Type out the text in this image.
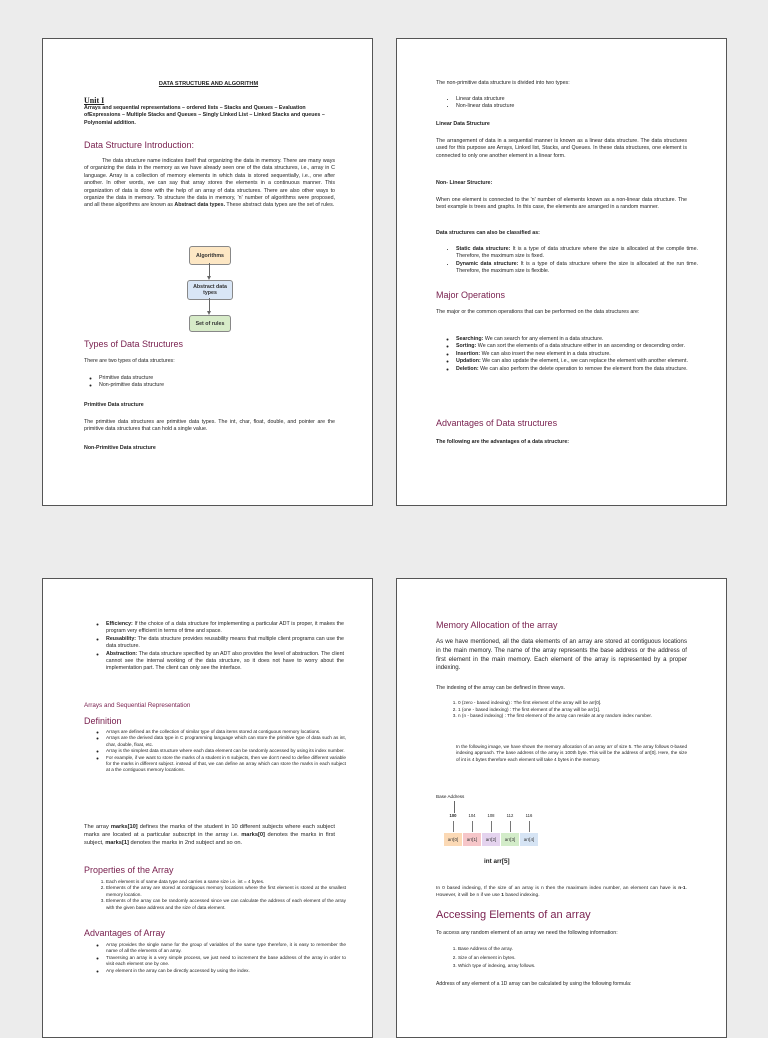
DATA STRUCTURE AND ALGORITHM
Unit I
Arrays and sequential representations – ordered lists – Stacks and Queues – Evaluation ofExpressions – Multiple Stacks and Queues – Singly Linked List – Linked Stacks and queues – Polynomial addition.
Data Structure Introduction:

The data structure name indicates itself that organizing the data in memory. There are many ways of organizing the data in the memory as we have already seen one of the data structures, i.e., array in C language. Array is a collection of memory elements in which data is stored sequentially, i.e., one after another. In other words, we can say that array stores the elements in a continuous manner. This organization of data is done with the help of an array of data structures. There are also other ways to organize the data in memory. To structure the data in memory, 'n' number of algorithms were proposed, and all these algorithms are known as Abstract data types. These abstract data types are the set of rules.

Algorithms
Abstract data types
Set of rules
Types of Data Structures
There are two types of data structures:
◦ Primitive data structure
◦ Non-primitive data structure
Primitive Data structure
The primitive data structures are primitive data types. The int, char, float, double, and pointer are the primitive data structures that can hold a single value.
Non-Primitive Data structure
The non-primitive data structure is divided into two types:
• Linear data structure
• Non-linear data structure
Linear Data Structure
The arrangement of data in a sequential manner is known as a linear data structure. The data structures used for this purpose are Arrays, Linked list, Stacks, and Queues. In these data structures, one element is connected to only one another element in a linear form.
Non- Linear Structure:
When one element is connected to the 'n' number of elements known as a non-linear data structure. The best example is trees and graphs. In this case, the elements are arranged in a random manner.
Data structures can also be classified as:
• Static data structure: It is a type of data structure where the size is allocated at the compile time. Therefore, the maximum size is fixed.
• Dynamic data structure: It is a type of data structure where the size is allocated at the run time. Therefore, the maximum size is flexible.
Major Operations
The major or the common operations that can be performed on the data structures are:
◦ Searching: We can search for any element in a data structure.
◦ Sorting: We can sort the elements of a data structure either in an ascending or descending order.
◦ Insertion: We can also insert the new element in a data structure.
◦ Updation: We can also update the element, i.e., we can replace the element with another element.
◦ Deletion: We can also perform the delete operation to remove the element from the data structure.
Advantages of Data structures
The following are the advantages of a data structure:
◦ Efficiency: If the choice of a data structure for implementing a particular ADT is proper, it makes the program very efficient in terms of time and space.
◦ Reusability: The data structure provides reusability means that multiple client programs can use the data structure.
◦ Abstraction: The data structure specified by an ADT also provides the level of abstraction. The client cannot see the internal working of the data structure, so it does not have to worry about the implementation part. The client can only see the interface.
Arrays and Sequential Representation
Definition
◦ Arrays are defined as the collection of similar type of data items stored at contiguous memory locations.
◦ Arrays are the derived data type in C programming language which can store the primitive type of data such as int, char, double, float, etc.
◦ Array is the simplest data structure where each data element can be randomly accessed by using its index number.
◦ For example, if we want to store the marks of a student in 6 subjects, then we don't need to define different variable for the marks in different subject. instead of that, we can define an array which can store the marks in each subject at a the contiguous memory locations.

The array marks[10] defines the marks of the student in 10 different subjects where each subject marks are located at a particular subscript in the array i.e. marks[0] denotes the marks in first subject, marks[1] denotes the marks in 2nd subject and so on.

Properties of the Array
1. Each element is of same data type and carries a same size i.e. int = 4 bytes.
2. Elements of the array are stored at contiguous memory locations where the first element is stored at the smallest memory location.
3. Elements of the array can be randomly accessed since we can calculate the address of each element of the array with the given base address and the size of data element.
Advantages of Array
◦ Array provides the single name for the group of variables of the same type therefore, it is easy to remember the name of all the elements of an array.
◦ Traversing an array is a very simple process, we just need to increment the base address of the array in order to visit each element one by one.
◦ Any element in the array can be directly accessed by using the index.
Memory Allocation of the array
As we have mentioned, all the data elements of an array are stored at contiguous locations in the main memory. The name of the array represents the base address or the address of first element in the main memory. Each element of the array is represented by a proper indexing.
The indexing of the array can be defined in three ways.
1. 0 (zero - based indexing) : The first element of the array will be arr[0].
2. 1 (one - based indexing) : The first element of the array will be arr[1].
3. n (n - based indexing) : The first element of the array can reside at any random index number.
In the following image, we have shown the memory allocation of an array arr of size 5. The array follows 0-based indexing approach. The base address of the array is 100th byte. This will be the address of arr[0]. Here, the size of int is 4 bytes therefore each element will take 4 bytes in the memory.
Base Address
100	104	108	112	116
arr[0]	arr[1]	arr[2]	arr[3]	arr[4]
int arr[5]

In 0 based indexing, If the size of an array is n then the maximum index number, an element can have is n-1. However, it will be n if we use 1 based indexing.

Accessing Elements of an array
To access any random element of an array we need the following information:
1. Base Address of the array.
2. Size of an element in bytes.
3. Which type of indexing, array follows.
Address of any element of a 1D array can be calculated by using the following formula:
